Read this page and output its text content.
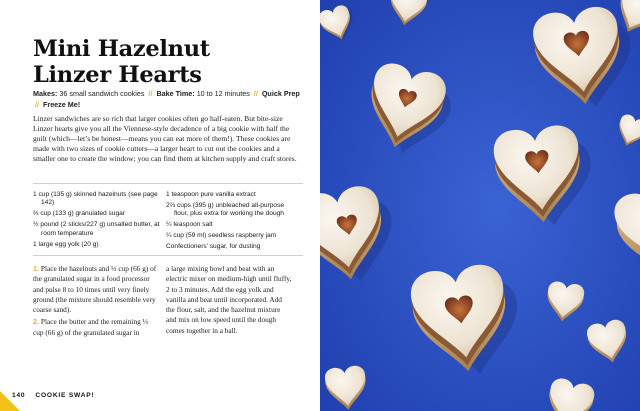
Mini Hazelnut
Linzer Hearts
Makes: 36 small sandwich cookies // Bake Time: 10 to 12 minutes // Quick Prep // Freeze Me!
Linzer sandwiches are so rich that larger cookies often go half-eaten. But bite-size Linzer hearts give you all the Viennese-style decadence of a big cookie with half the guilt (which—let’s be honest—means you can eat more of them!). These cookies are made with two sizes of cookie cutters—a larger heart to cut out the cookies and a smaller one to create the window; you can find them at kitchen supply and craft stores.
1 cup (135 g) skinned hazelnuts (see page 142)
⅔ cup (133 g) granulated sugar
½ pound (2 sticks/227 g) unsalted butter, at room temperature
1 large egg yolk (20 g)
1 teaspoon pure vanilla extract
2⅔ cups (395 g) unbleached all-purpose flour, plus extra for working the dough
¼ teaspoon salt
¼ cup (59 ml) seedless raspberry jam
Confectioners’ sugar, for dusting
1. Place the hazelnuts and ⅓ cup (66 g) of the granulated sugar in a food processor and pulse 8 to 10 times until very finely ground (the mixture should resemble very coarse sand).
2. Place the butter and the remaining ⅓ cup (66 g) of the granulated sugar in
a large mixing bowl and beat with an electric mixer on medium-high until fluffy, 2 to 3 minutes. Add the egg yolk and vanilla and beat until incorporated. Add the flour, salt, and the hazelnut mixture and mix on low speed until the dough comes together in a ball.
140 COOKIE SWAP!
